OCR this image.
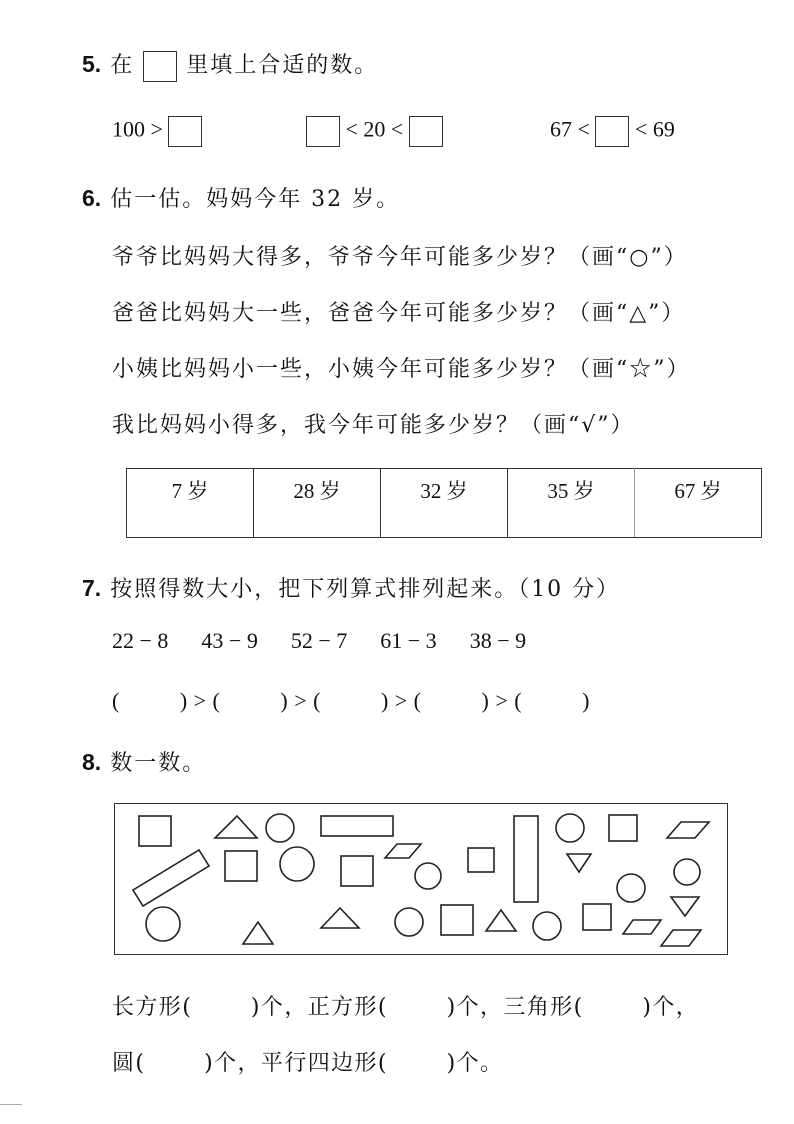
5. 在 里填上合适的数。
100 >	< 20 <	67 < < 69
6. 估一估。妈妈今年 32 岁。
爷爷比妈妈大得多，爷爷今年可能多少岁？（画“○”）
爸爸比妈妈大一些，爸爸今年可能多少岁？（画“△”）
小姨比妈妈小一些，小姨今年可能多少岁？（画“☆”）
我比妈妈小得多，我今年可能多少岁？（画“√”）
7 岁	28 岁	32 岁	35 岁	67 岁
7. 按照得数大小，把下列算式排列起来。（10 分）
22 − 8 43 − 9 52 − 7 61 − 3 38 − 9
(          ) > (          ) > (          ) > (          ) > (          )
8. 数一数。
长方形(       )个，正方形(       )个，三角形(       )个，
圆(       )个，平行四边形(       )个。
